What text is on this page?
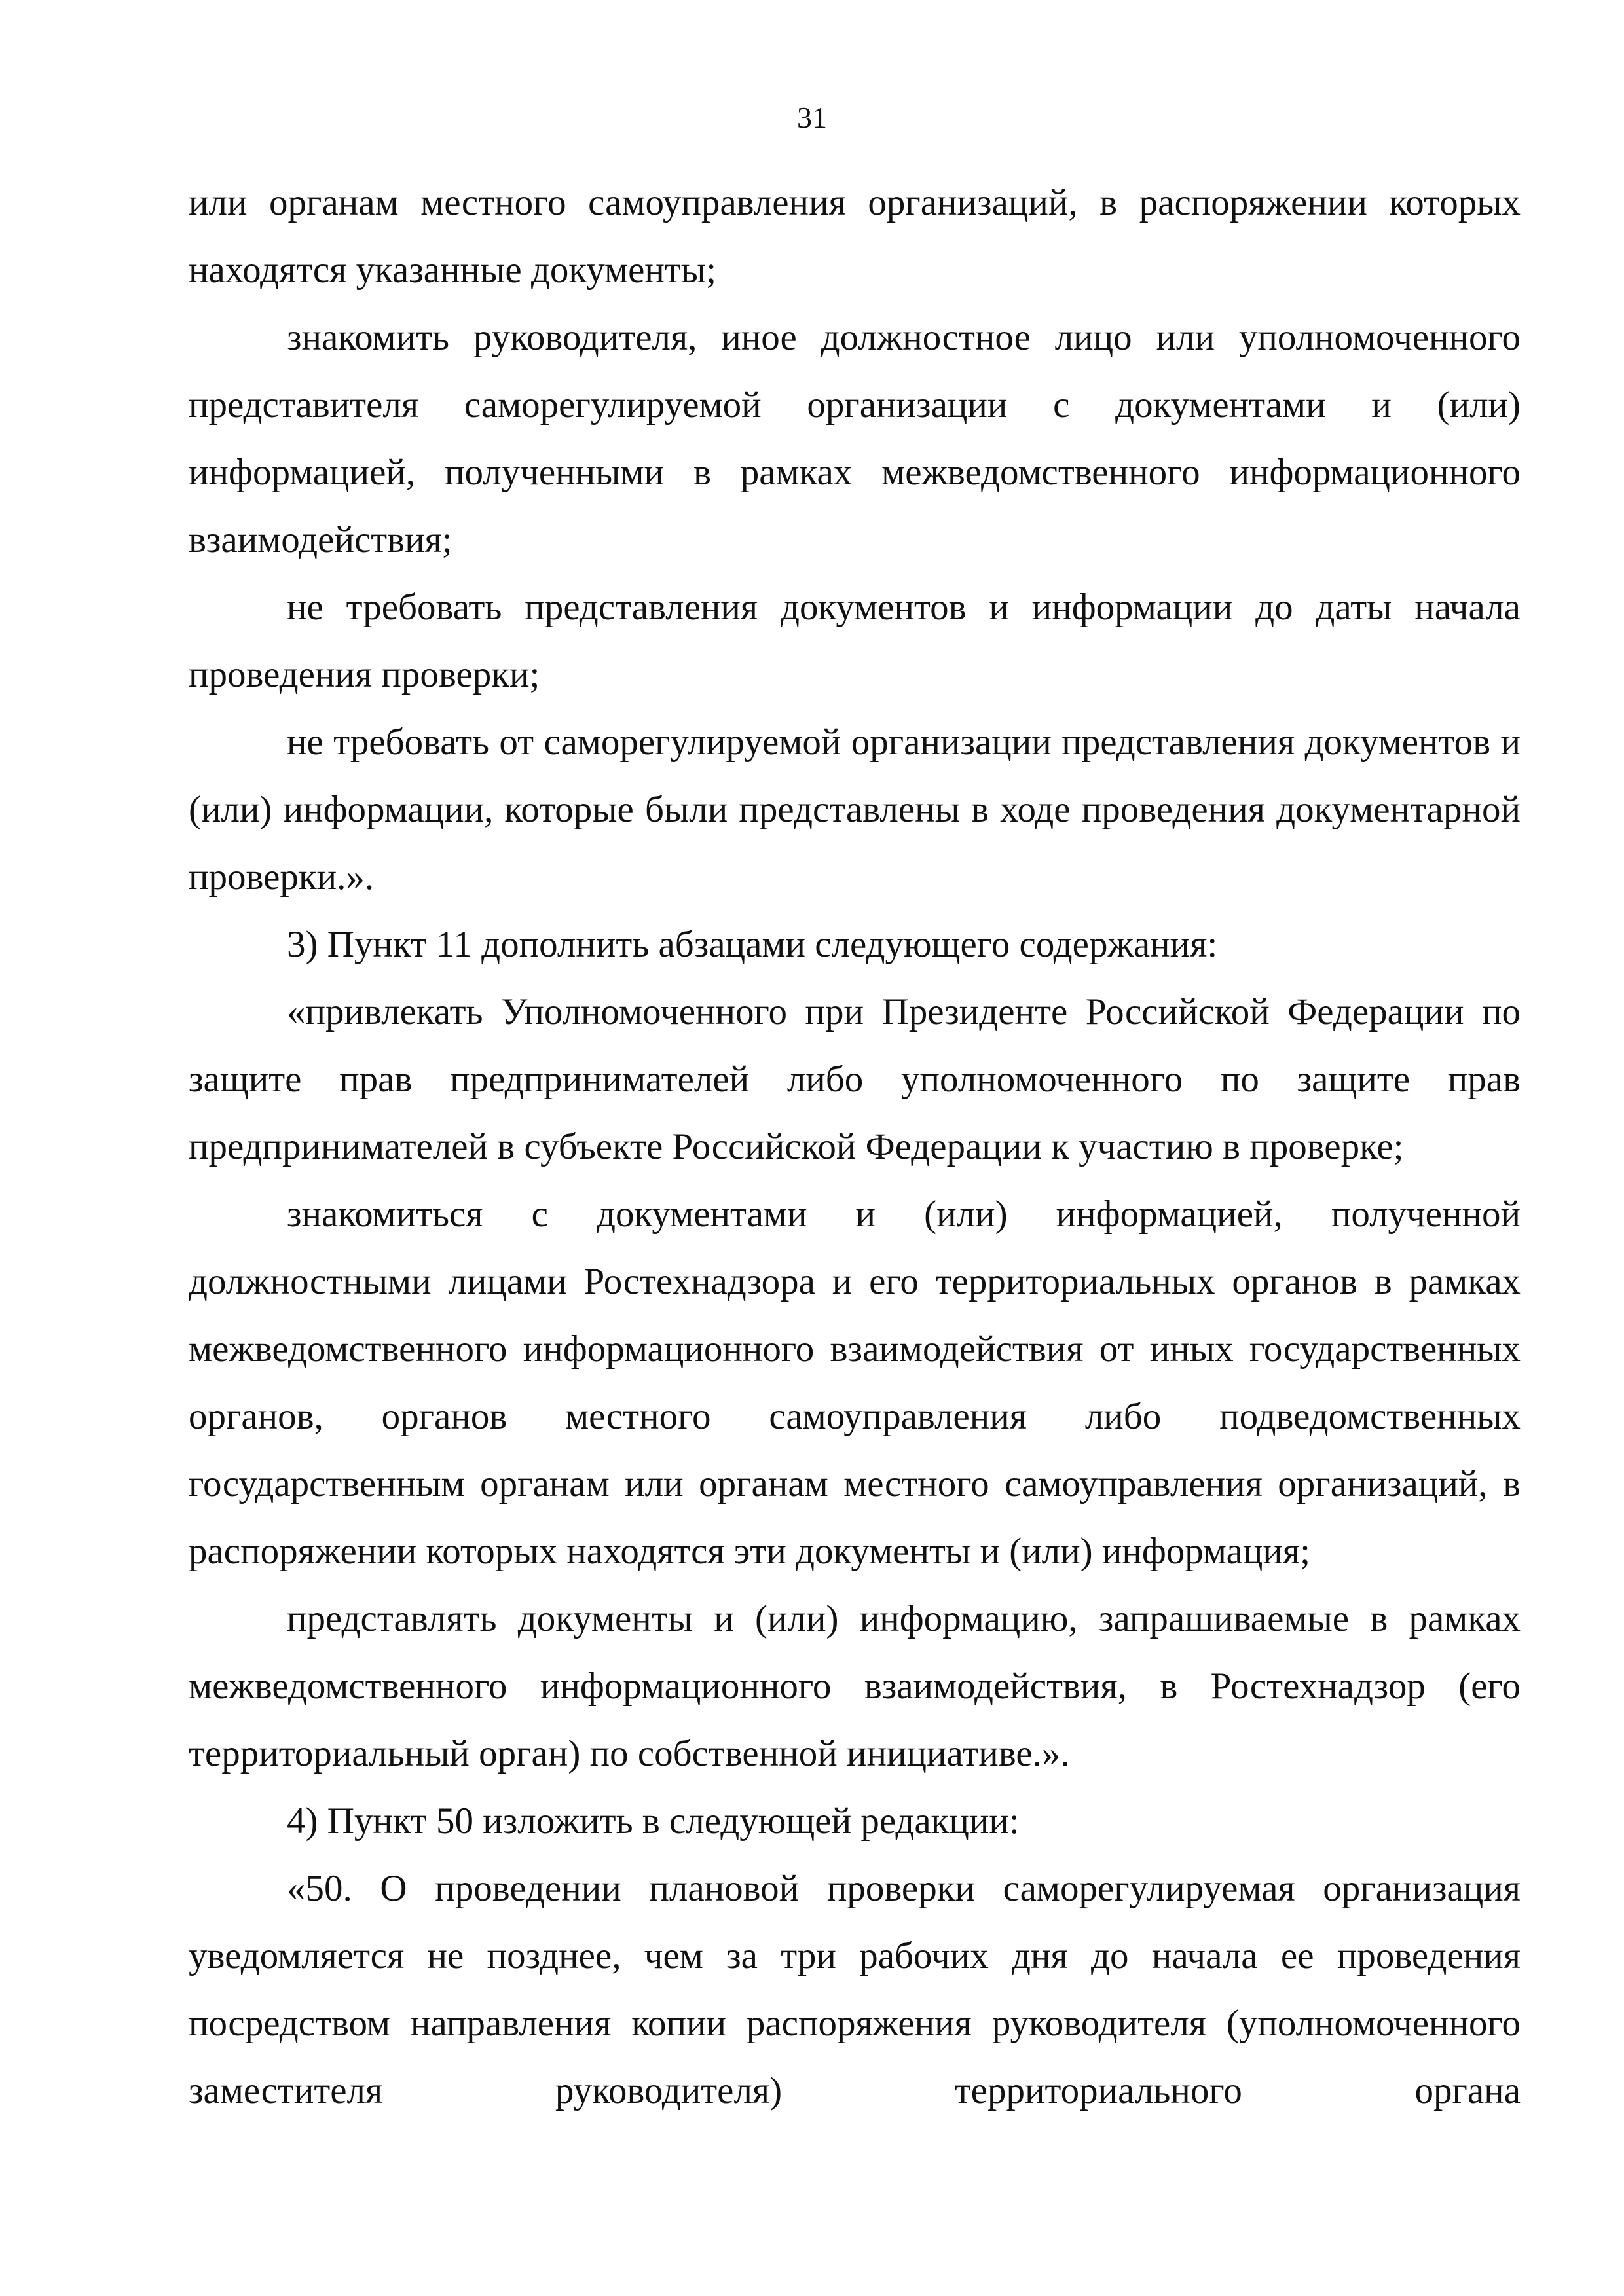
31

или органам местного самоуправления организаций, в распоряжении которых находятся указанные документы;

знакомить руководителя, иное должностное лицо или уполномоченного представителя саморегулируемой организации с документами и (или) информацией, полученными в рамках межведомственного информационного взаимодействия;

не требовать представления документов и информации до даты начала проведения проверки;

не требовать от саморегулируемой организации представления документов и (или) информации, которые были представлены в ходе проведения документарной проверки.».

3) Пункт 11 дополнить абзацами следующего содержания:

«привлекать Уполномоченного при Президенте Российской Федерации по защите прав предпринимателей либо уполномоченного по защите прав предпринимателей в субъекте Российской Федерации к участию в проверке;

знакомиться с документами и (или) информацией, полученной должностными лицами Ростехнадзора и его территориальных органов в рамках межведомственного информационного взаимодействия от иных государственных органов, органов местного самоуправления либо подведомственных государственным органам или органам местного самоуправления организаций, в распоряжении которых находятся эти документы и (или) информация;

представлять документы и (или) информацию, запрашиваемые в рамках межведомственного информационного взаимодействия, в Ростехнадзор (его территориальный орган) по собственной инициативе.».

4) Пункт 50 изложить в следующей редакции:

«50. О проведении плановой проверки саморегулируемая организация уведомляется не позднее, чем за три рабочих дня до начала ее проведения посредством направления копии распоряжения руководителя (уполномоченного заместителя руководителя) территориального органа
